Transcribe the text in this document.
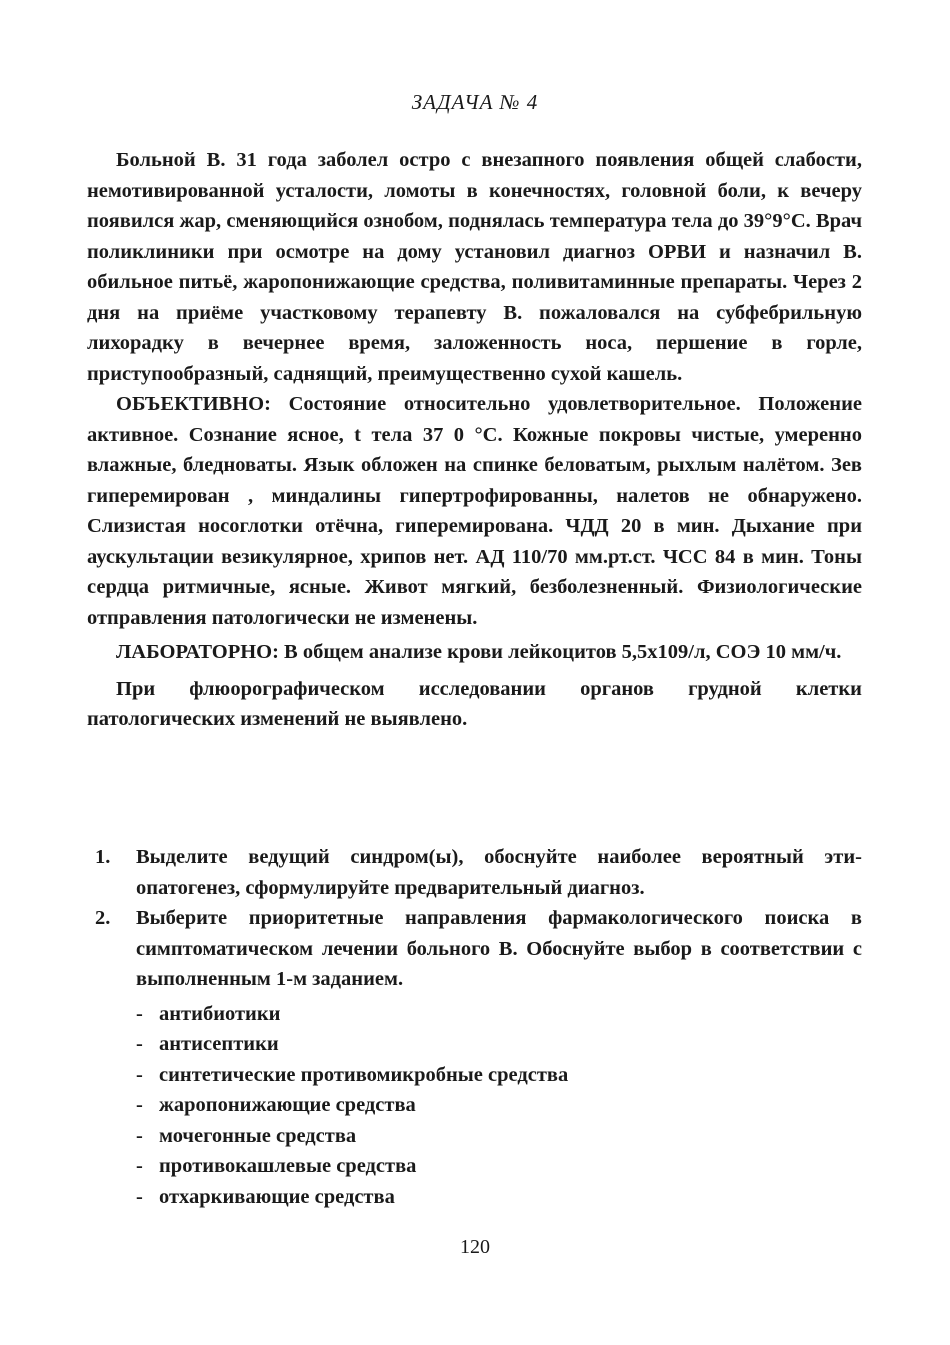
ЗАДАЧА № 4

Больной В. 31 года заболел остро с внезапного появления общей слабости, немотивированной усталости, ломоты в конечностях, головной боли, к вечеру появился жар, сменяющийся ознобом, поднялась температура тела до 39°9°С. Врач поликлиники при осмотре на дому установил диагноз ОРВИ и назначил В. обильное питьё, жаропонижающие средства, поливитаминные препараты. Через 2 дня на приёме участковому терапевту В. пожаловался на субфебрильную лихорадку в вечернее время, заложенность носа, першение в горле, приступообразный, саднящий, преимущественно сухой кашель.

ОБЪЕКТИВНО: Состояние относительно удовлетворительное. Положение активное. Сознание ясное, t тела 37 0 °С. Кожные покровы чистые, умеренно влажные, бледноваты. Язык обложен на спинке беловатым, рыхлым налётом. Зев гиперемирован , миндалины гипертрофированны, налетов не обнаружено. Слизистая носоглотки отёчна, гиперемирована. ЧДД 20 в мин. Дыхание при аускультации везикулярное, хрипов нет. АД 110/70 мм.рт.ст. ЧСС 84 в мин. Тоны сердца ритмичные, ясные. Живот мягкий, безболезненный. Физиологические отправления патологически не изменены.

ЛАБОРАТОРНО: В общем анализе крови лейкоцитов 5,5х109/л, СОЭ 10 мм/ч.

При флюорографическом исследовании органов грудной клетки патологических изменений не выявлено.

1.	Выделите ведущий синдром(ы), обоснуйте наиболее вероятный эти-опатогенез, сформулируйте предварительный диагноз.
2.	Выберите приоритетные направления фармакологического поиска в симптоматическом лечении больного В. Обоснуйте выбор в соответствии с выполненным 1-м заданием.
- антибиотики
- антисептики
- синтетические противомикробные средства
- жаропонижающие средства
- мочегонные средства
- противокашлевые средства
- отхаркивающие средства
120
